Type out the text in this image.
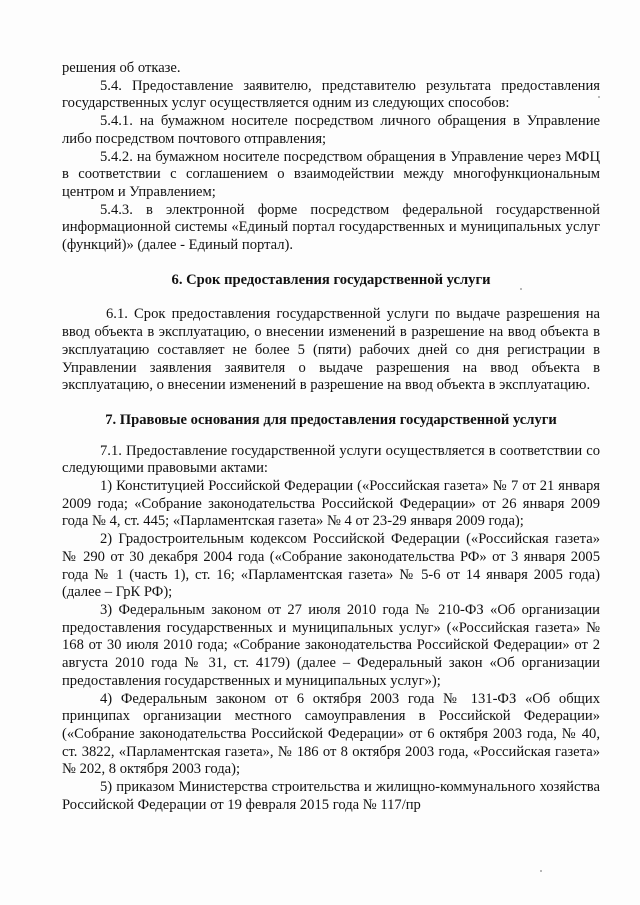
решения об отказе.

5.4. Предоставление заявителю, представителю результата предоставления государственных услуг осуществляется одним из следующих способов:

5.4.1. на бумажном носителе посредством личного обращения в Управление либо посредством почтового отправления;

5.4.2. на бумажном носителе посредством обращения в Управление через МФЦ в соответствии с соглашением о взаимодействии между многофункциональным центром и Управлением;

5.4.3. в электронной форме посредством федеральной государственной информационной системы «Единый портал государственных и муниципальных услуг (функций)» (далее - Единый портал).

6. Срок предоставления государственной услуги

6.1. Срок предоставления государственной услуги по выдаче разрешения на ввод объекта в эксплуатацию, о внесении изменений в разрешение на ввод объекта в эксплуатацию составляет не более 5 (пяти) рабочих дней со дня регистрации в Управлении заявления заявителя о выдаче разрешения на ввод объекта в эксплуатацию, о внесении изменений в разрешение на ввод объекта в эксплуатацию.

7. Правовые основания для предоставления государственной услуги

7.1. Предоставление государственной услуги осуществляется в соответствии со следующими правовыми актами:

1) Конституцией Российской Федерации («Российская газета» № 7 от 21 января 2009 года; «Собрание законодательства Российской Федерации» от 26 января 2009 года № 4, ст. 445; «Парламентская газета» № 4 от 23-29 января 2009 года);

2) Градостроительным кодексом Российской Федерации («Российская газета» № 290 от 30 декабря 2004 года («Собрание законодательства РФ» от 3 января 2005 года № 1 (часть 1), ст. 16; «Парламентская газета» № 5-6 от 14 января 2005 года) (далее – ГрК РФ);

3) Федеральным законом от 27 июля 2010 года № 210-ФЗ «Об организации предоставления государственных и муниципальных услуг» («Российская газета» № 168 от 30 июля 2010 года; «Собрание законодательства Российской Федерации» от 2 августа 2010 года № 31, ст. 4179) (далее – Федеральный закон «Об организации предоставления государственных и муниципальных услуг»);

4) Федеральным законом от 6 октября 2003 года № 131-ФЗ «Об общих принципах организации местного самоуправления в Российской Федерации» («Собрание законодательства Российской Федерации» от 6 октября 2003 года, № 40, ст. 3822, «Парламентская газета», № 186 от 8 октября 2003 года, «Российская газета» № 202, 8 октября 2003 года);

5) приказом Министерства строительства и жилищно-коммунального хозяйства Российской Федерации от 19 февраля 2015 года № 117/пр
